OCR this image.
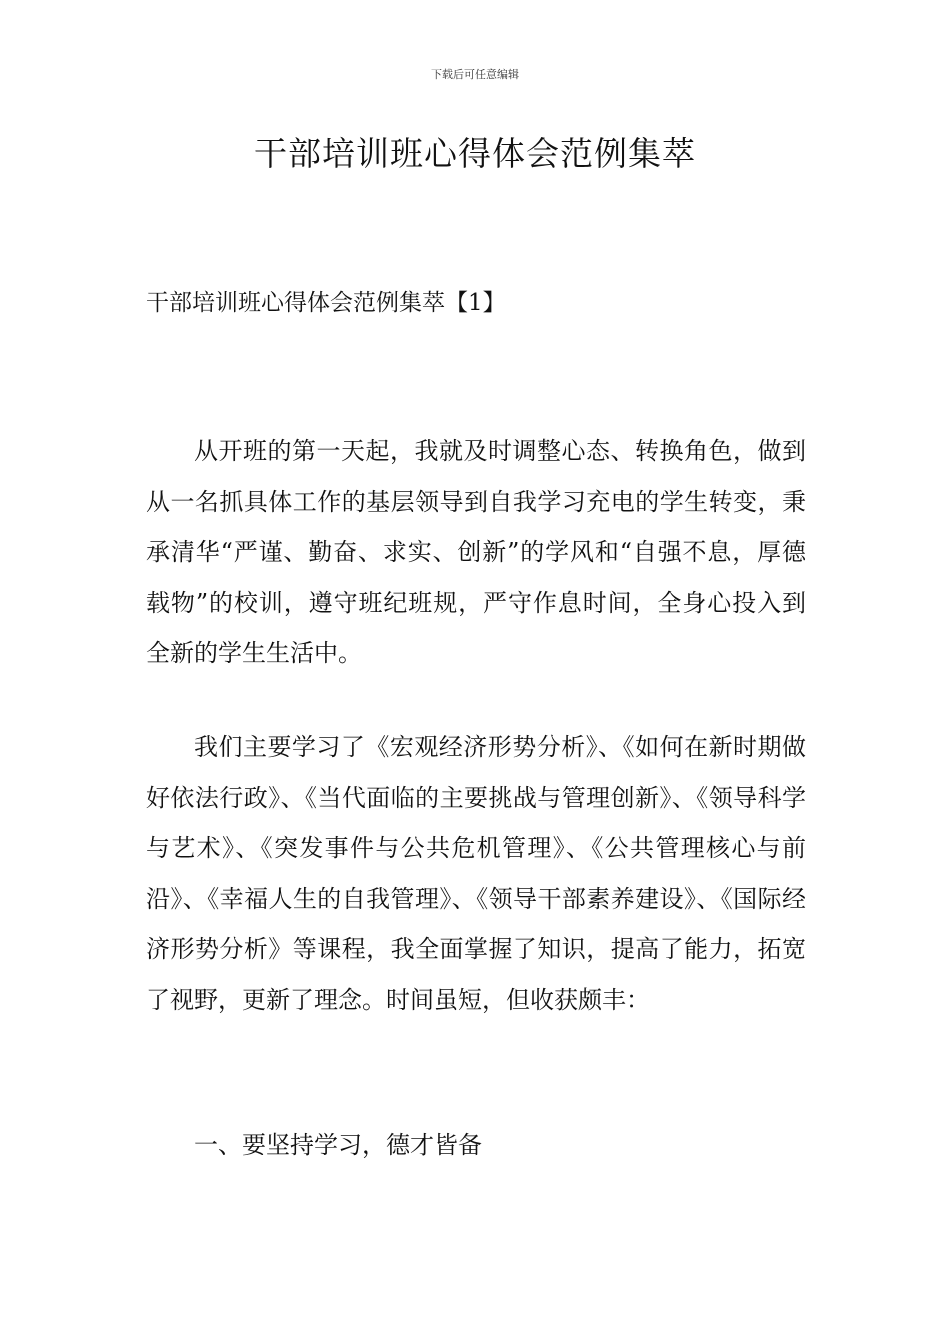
下载后可任意编辑
干部培训班心得体会范例集萃
干部培训班心得体会范例集萃【1】

从开班的第一天起，我就及时调整心态、转换角色，做到从一名抓具体工作的基层领导到自我学习充电的学生转变，秉承清华“严谨、勤奋、求实、创新”的学风和“自强不息，厚德载物”的校训，遵守班纪班规，严守作息时间，全身心投入到全新的学生生活中。

我们主要学习了《宏观经济形势分析》、《如何在新时期做好依法行政》、《当代面临的主要挑战与管理创新》、《领导科学与艺术》、《突发事件与公共危机管理》、《公共管理核心与前沿》、《幸福人生的自我管理》、《领导干部素养建设》、《国际经济形势分析》等课程，我全面掌握了知识，提高了能力，拓宽了视野，更新了理念。时间虽短，但收获颇丰：

一、要坚持学习，德才皆备
